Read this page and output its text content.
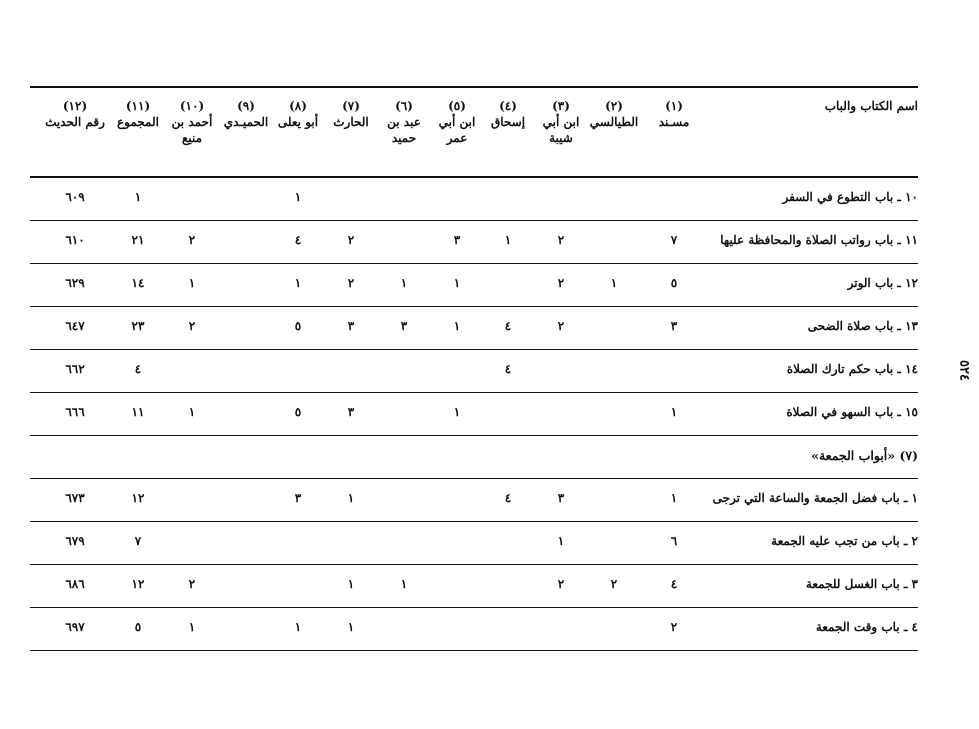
٥٢٤
اسم الكتاب والباب
(١)
مسـند
(٢)
الطيالسي
(٣)
ابن أبي شيبة
(٤)
إسحاق
(٥)
ابن أبي عمر
(٦)
عبد بن حميد
(٧)
الحارث
(٨)
أبو يعلى
(٩)
الحميـدي
(١٠)
أحمد بن منيع
(١١)
المجموع
(١٢)
رقم الحديث
١٠ ـ باب التطوع في السفر
١
١
٦٠٩
١١ ـ باب رواتب الصلاة والمحافظة عليها
٧
٢
١
٣
٢
٤
٢
٢١
٦١٠
١٢ ـ باب الوتر
٥
١
٢
١
١
٢
١
١
١٤
٦٢٩
١٣ ـ باب صلاة الضحى
٣
٢
٤
١
٣
٣
٥
٢
٢٣
٦٤٧
١٤ ـ باب حكم تارك الصلاة
٤
٤
٦٦٢
١٥ ـ باب السهو في الصلاة
١
١
٣
٥
١
١١
٦٦٦
(٧) «أبواب الجمعة»
١ ـ باب فضل الجمعة والساعة التي ترجى
١
٣
٤
١
٣
١٢
٦٧٣
٢ ـ باب من تجب عليه الجمعة
٦
١
٧
٦٧٩
٣ ـ باب الغسل للجمعة
٤
٢
٢
١
١
٢
١٢
٦٨٦
٤ ـ باب وقت الجمعة
٢
١
١
١
٥
٦٩٧
